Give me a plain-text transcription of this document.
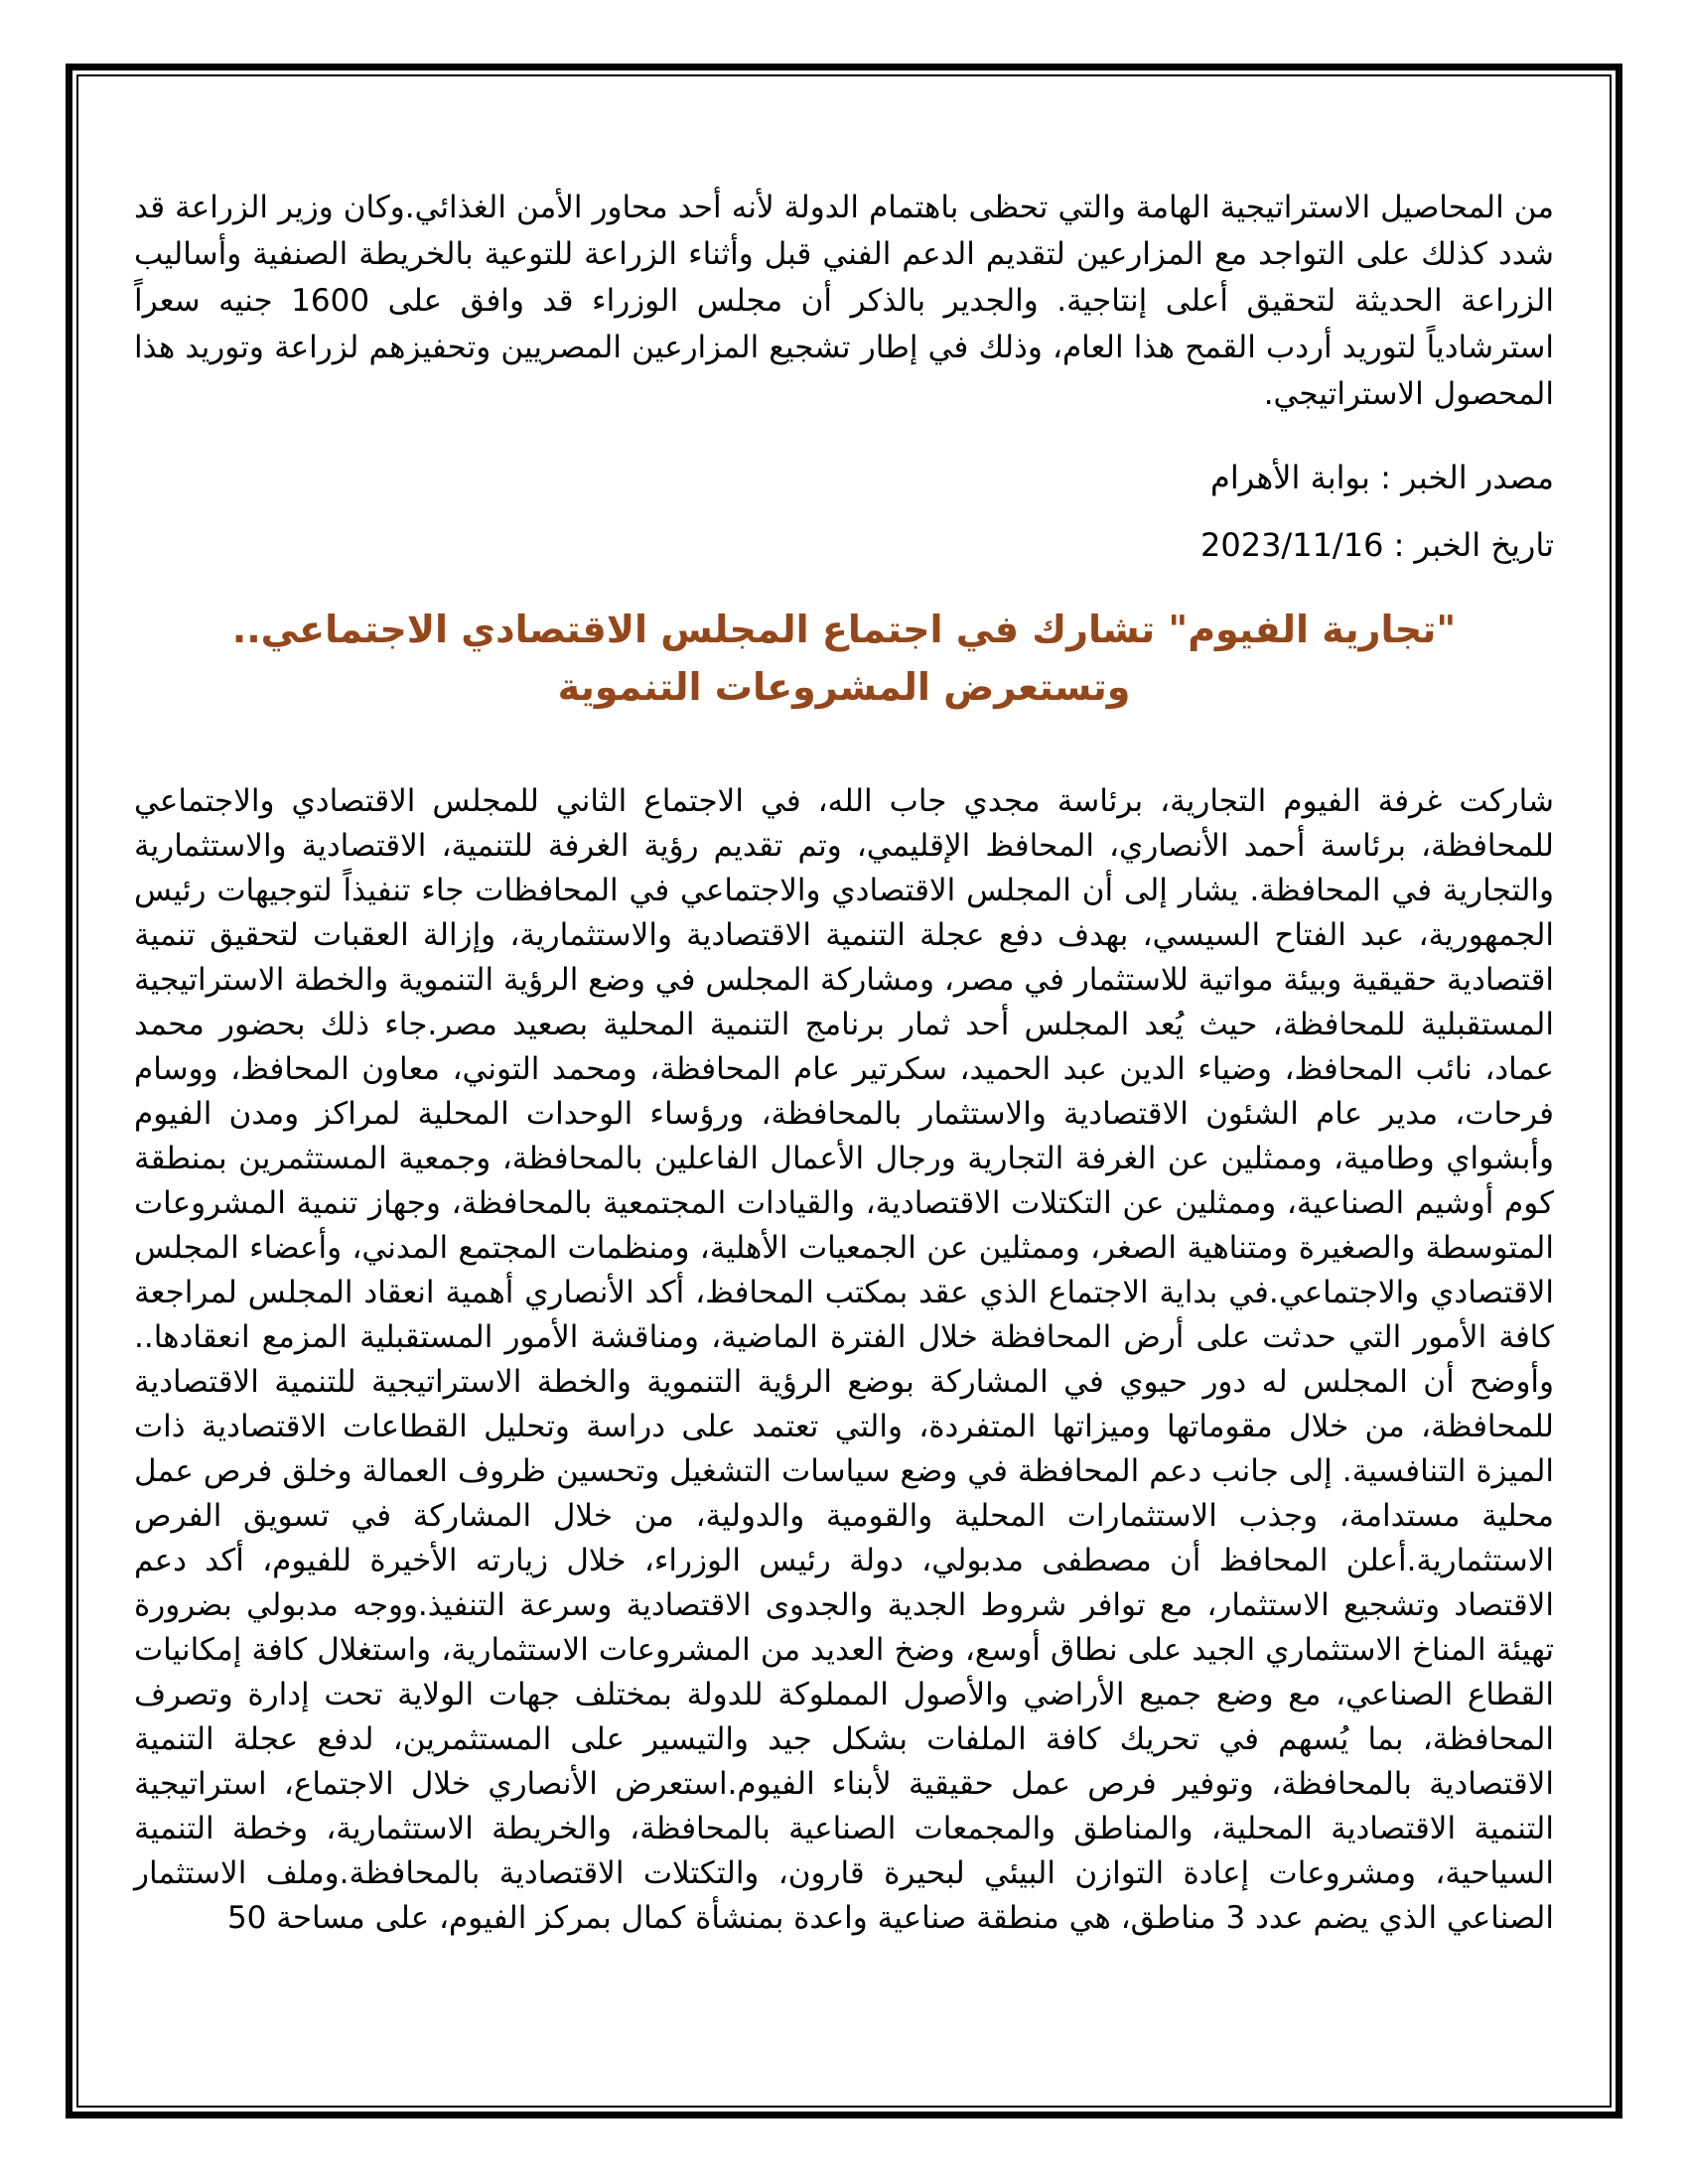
من المحاصيل الاستراتيجية الهامة والتي تحظى باهتمام الدولة لأنه أحد محاور الأمن الغذائي.وكان وزير الزراعة قد شدد كذلك على التواجد مع المزارعين لتقديم الدعم الفني قبل وأثناء الزراعة للتوعية بالخريطة الصنفية وأساليب الزراعة الحديثة لتحقيق أعلى إنتاجية. والجدير بالذكر أن مجلس الوزراء قد وافق على 1600 جنيه سعراً استرشادياً لتوريد أردب القمح هذا العام، وذلك في إطار تشجيع المزارعين المصريين وتحفيزهم لزراعة وتوريد هذا المحصول الاستراتيجي.

مصدر الخبر : بوابة الأهرام

تاريخ الخبر : 2023/11/16

"تجارية الفيوم" تشارك في اجتماع المجلس الاقتصادي الاجتماعي.. وتستعرض المشروعات التنموية

شاركت غرفة الفيوم التجارية، برئاسة مجدي جاب الله، في الاجتماع الثاني للمجلس الاقتصادي والاجتماعي للمحافظة، برئاسة أحمد الأنصاري، المحافظ الإقليمي، وتم تقديم رؤية الغرفة للتنمية، الاقتصادية والاستثمارية والتجارية في المحافظة. يشار إلى أن المجلس الاقتصادي والاجتماعي في المحافظات جاء تنفيذاً لتوجيهات رئيس الجمهورية، عبد الفتاح السيسي، بهدف دفع عجلة التنمية الاقتصادية والاستثمارية، وإزالة العقبات لتحقيق تنمية اقتصادية حقيقية وبيئة مواتية للاستثمار في مصر، ومشاركة المجلس في وضع الرؤية التنموية والخطة الاستراتيجية المستقبلية للمحافظة، حيث يُعد المجلس أحد ثمار برنامج التنمية المحلية بصعيد مصر.جاء ذلك بحضور محمد عماد، نائب المحافظ، وضياء الدين عبد الحميد، سكرتير عام المحافظة، ومحمد التوني، معاون المحافظ، ووسام فرحات، مدير عام الشئون الاقتصادية والاستثمار بالمحافظة، ورؤساء الوحدات المحلية لمراكز ومدن الفيوم وأبشواي وطامية، وممثلين عن الغرفة التجارية ورجال الأعمال الفاعلين بالمحافظة، وجمعية المستثمرين بمنطقة كوم أوشيم الصناعية، وممثلين عن التكتلات الاقتصادية، والقيادات المجتمعية بالمحافظة، وجهاز تنمية المشروعات المتوسطة والصغيرة ومتناهية الصغر، وممثلين عن الجمعيات الأهلية، ومنظمات المجتمع المدني، وأعضاء المجلس الاقتصادي والاجتماعي.في بداية الاجتماع الذي عقد بمكتب المحافظ، أكد الأنصاري أهمية انعقاد المجلس لمراجعة كافة الأمور التي حدثت على أرض المحافظة خلال الفترة الماضية، ومناقشة الأمور المستقبلية المزمع انعقادها.. وأوضح أن المجلس له دور حيوي في المشاركة بوضع الرؤية التنموية والخطة الاستراتيجية للتنمية الاقتصادية للمحافظة، من خلال مقوماتها وميزاتها المتفردة، والتي تعتمد على دراسة وتحليل القطاعات الاقتصادية ذات الميزة التنافسية. إلى جانب دعم المحافظة في وضع سياسات التشغيل وتحسين ظروف العمالة وخلق فرص عمل محلية مستدامة، وجذب الاستثمارات المحلية والقومية والدولية، من خلال المشاركة في تسويق الفرص الاستثمارية.أعلن المحافظ أن مصطفى مدبولي، دولة رئيس الوزراء، خلال زيارته الأخيرة للفيوم، أكد دعم الاقتصاد وتشجيع الاستثمار، مع توافر شروط الجدية والجدوى الاقتصادية وسرعة التنفيذ.ووجه مدبولي بضرورة تهيئة المناخ الاستثماري الجيد على نطاق أوسع، وضخ العديد من المشروعات الاستثمارية، واستغلال كافة إمكانيات القطاع الصناعي، مع وضع جميع الأراضي والأصول المملوكة للدولة بمختلف جهات الولاية تحت إدارة وتصرف المحافظة، بما يُسهم في تحريك كافة الملفات بشكل جيد والتيسير على المستثمرين، لدفع عجلة التنمية الاقتصادية بالمحافظة، وتوفير فرص عمل حقيقية لأبناء الفيوم.استعرض الأنصاري خلال الاجتماع، استراتيجية التنمية الاقتصادية المحلية، والمناطق والمجمعات الصناعية بالمحافظة، والخريطة الاستثمارية، وخطة التنمية السياحية، ومشروعات إعادة التوازن البيئي لبحيرة قارون، والتكتلات الاقتصادية بالمحافظة.وملف الاستثمار الصناعي الذي يضم عدد 3 مناطق، هي منطقة صناعية واعدة بمنشأة كمال بمركز الفيوم، على مساحة 50
